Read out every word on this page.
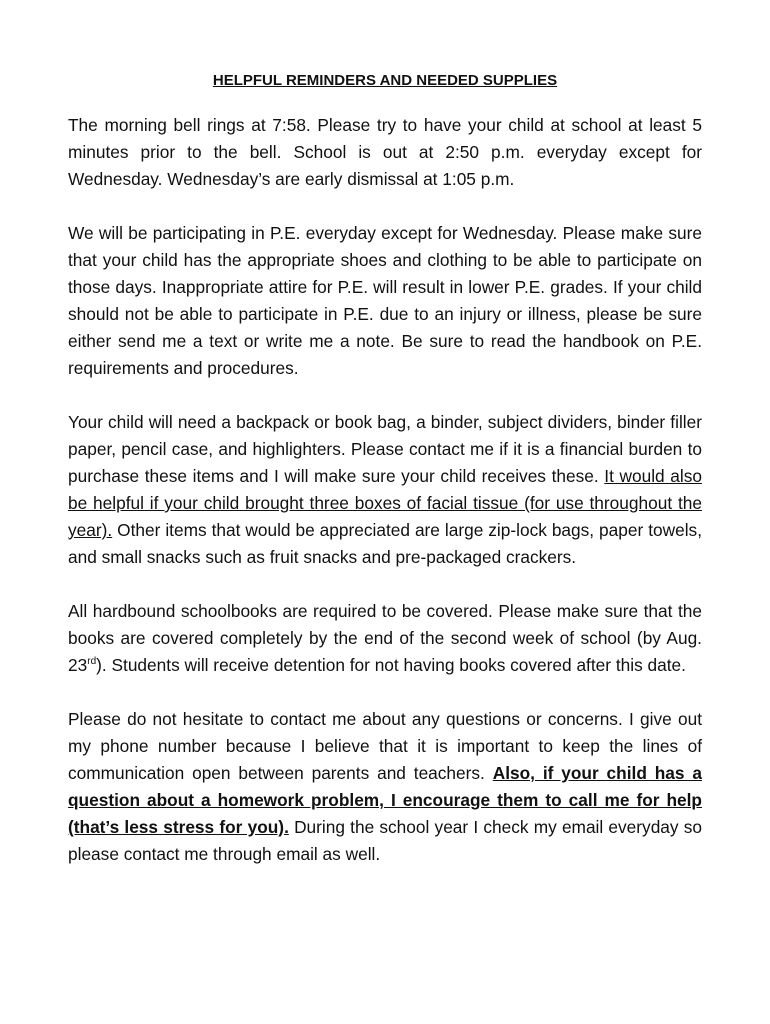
HELPFUL REMINDERS AND NEEDED SUPPLIES

The morning bell rings at 7:58. Please try to have your child at school at least 5 minutes prior to the bell. School is out at 2:50 p.m. everyday except for Wednesday. Wednesday’s are early dismissal at 1:05 p.m.

We will be participating in P.E. everyday except for Wednesday. Please make sure that your child has the appropriate shoes and clothing to be able to participate on those days. Inappropriate attire for P.E. will result in lower P.E. grades. If your child should not be able to participate in P.E. due to an injury or illness, please be sure either send me a text or write me a note. Be sure to read the handbook on P.E. requirements and procedures.

Your child will need a backpack or book bag, a binder, subject dividers, binder filler paper, pencil case, and highlighters. Please contact me if it is a financial burden to purchase these items and I will make sure your child receives these. It would also be helpful if your child brought three boxes of facial tissue (for use throughout the year). Other items that would be appreciated are large zip-lock bags, paper towels, and small snacks such as fruit snacks and pre-packaged crackers.

All hardbound schoolbooks are required to be covered. Please make sure that the books are covered completely by the end of the second week of school (by Aug. 23rd). Students will receive detention for not having books covered after this date.

Please do not hesitate to contact me about any questions or concerns. I give out my phone number because I believe that it is important to keep the lines of communication open between parents and teachers. Also, if your child has a question about a homework problem, I encourage them to call me for help (that’s less stress for you). During the school year I check my email everyday so please contact me through email as well.
